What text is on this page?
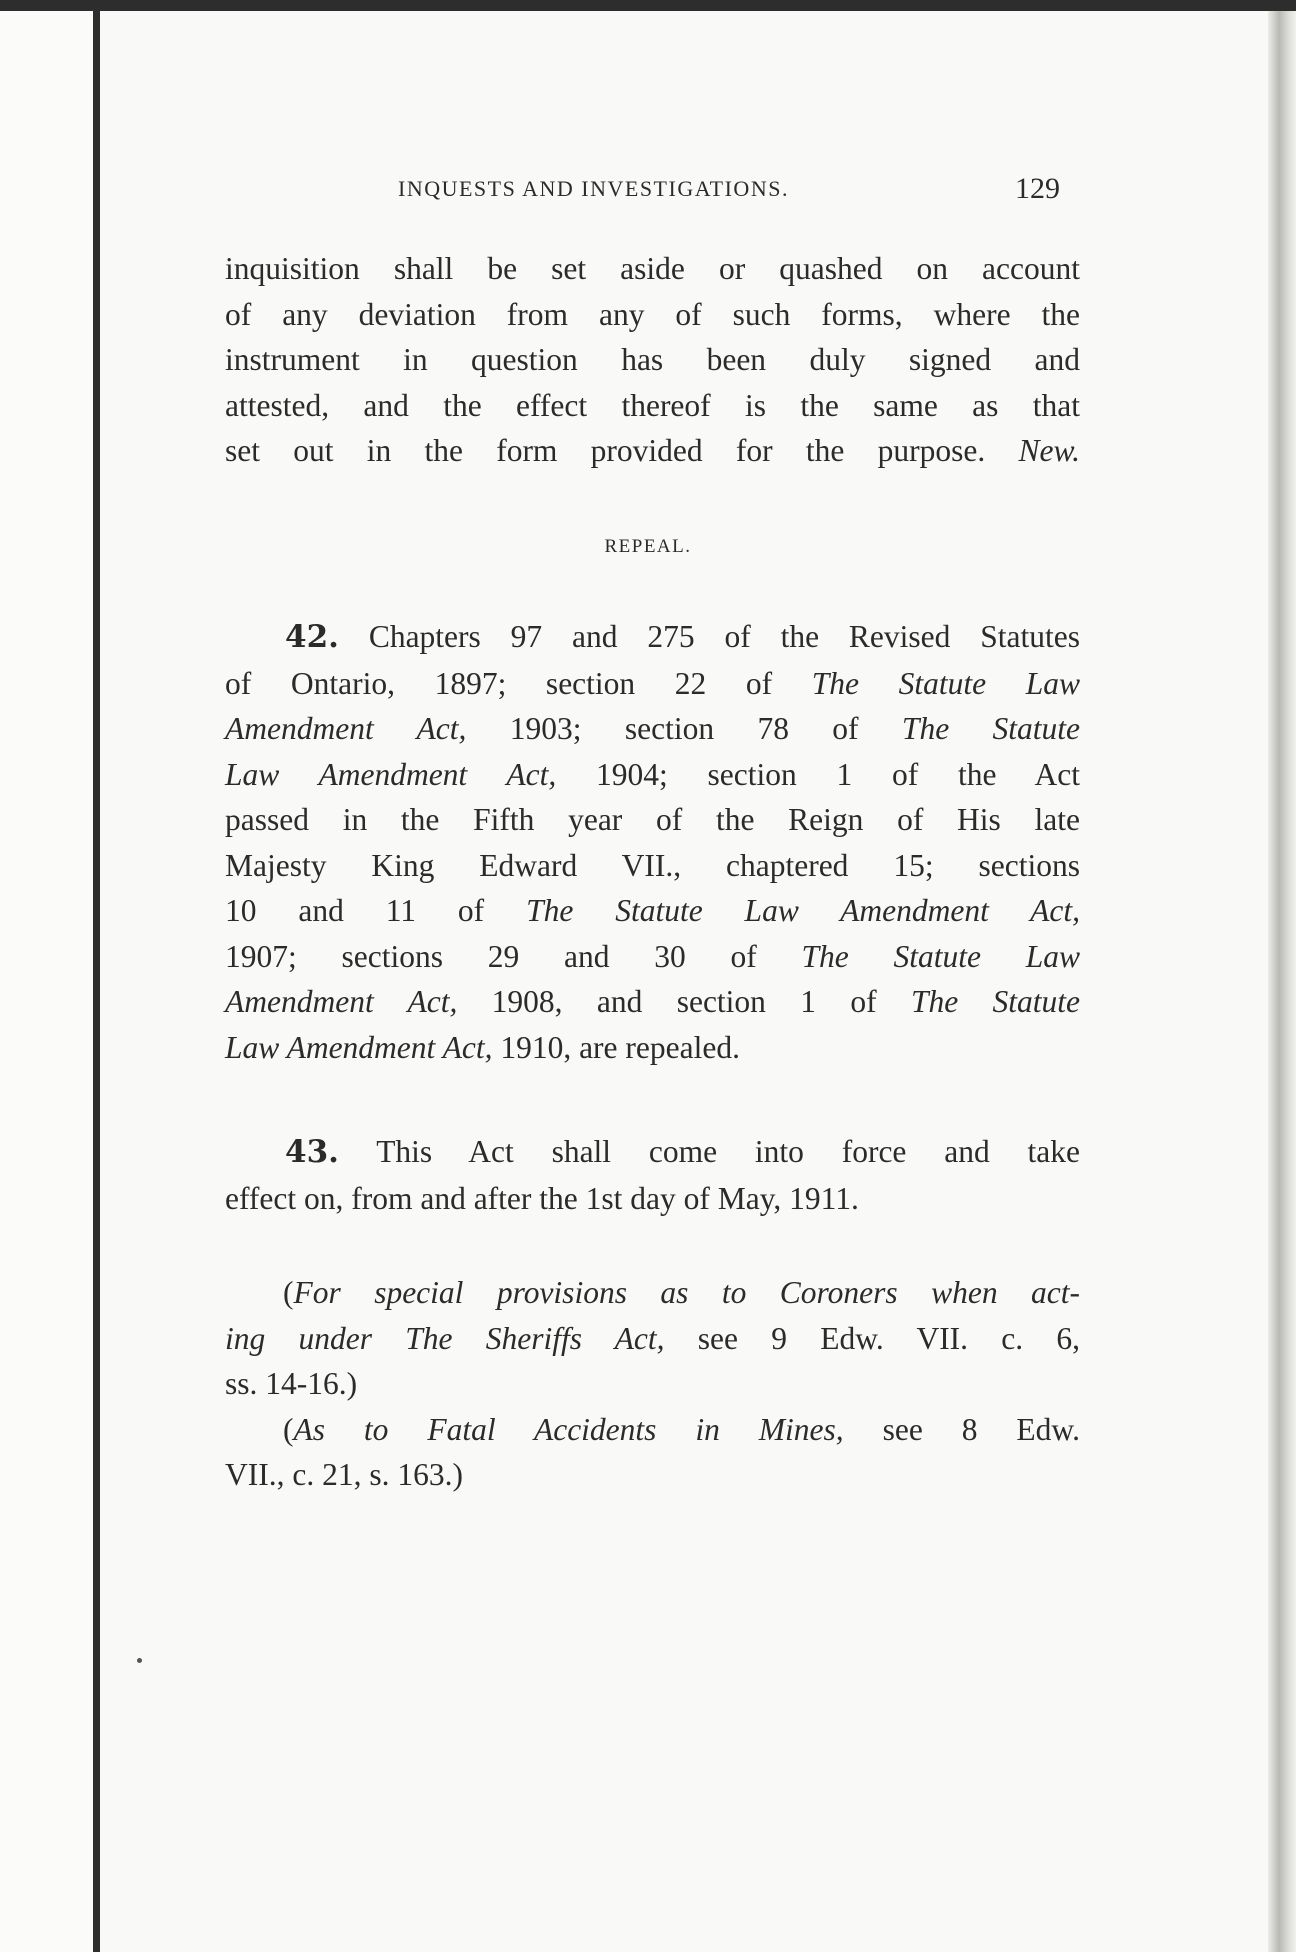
INQUESTS AND INVESTIGATIONS.	129
inquisition shall be set aside or quashed on account
of any deviation from any of such forms, where the
instrument in question has been duly signed and
attested, and the effect thereof is the same as that
set out in the form provided for the purpose. New.
REPEAL.
42. Chapters 97 and 275 of the Revised Statutes
of Ontario, 1897; section 22 of The Statute Law
Amendment Act, 1903; section 78 of The Statute
Law Amendment Act, 1904; section 1 of the Act
passed in the Fifth year of the Reign of His late
Majesty King Edward VII., chaptered 15; sections
10 and 11 of The Statute Law Amendment Act,
1907; sections 29 and 30 of The Statute Law
Amendment Act, 1908, and section 1 of The Statute
Law Amendment Act, 1910, are repealed.
43. This Act shall come into force and take
effect on, from and after the 1st day of May, 1911.
(For special provisions as to Coroners when act-
ing under The Sheriffs Act, see 9 Edw. VII. c. 6,
ss. 14-16.)
(As to Fatal Accidents in Mines, see 8 Edw.
VII., c. 21, s. 163.)
